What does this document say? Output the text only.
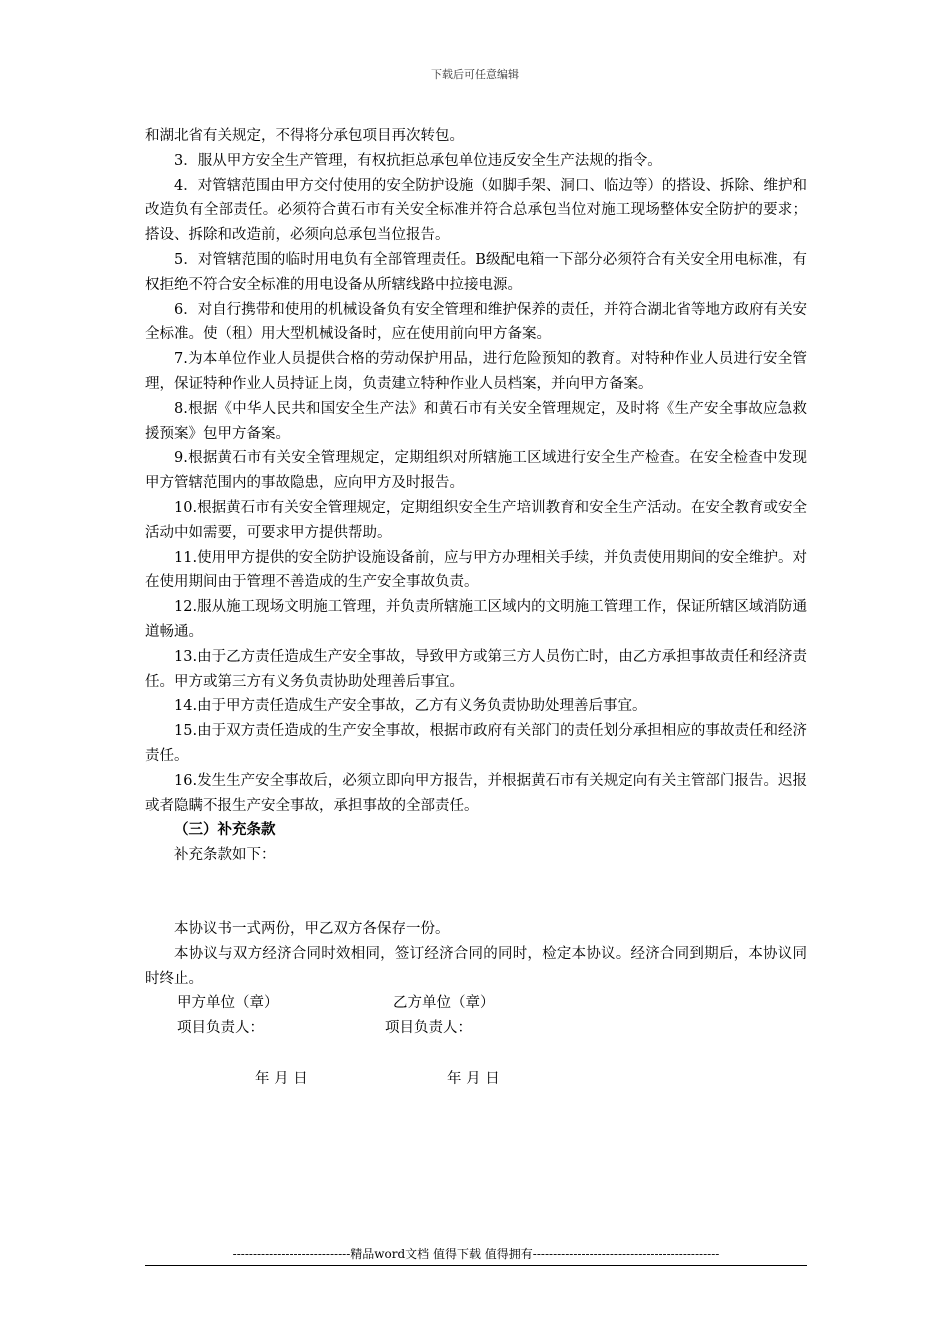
下载后可任意编辑

和湖北省有关规定，不得将分承包项目再次转包。

3．服从甲方安全生产管理，有权抗拒总承包单位违反安全生产法规的指令。

4．对管辖范围由甲方交付使用的安全防护设施（如脚手架、洞口、临边等）的搭设、拆除、维护和改造负有全部责任。必须符合黄石市有关安全标准并符合总承包当位对施工现场整体安全防护的要求；搭设、拆除和改造前，必须向总承包当位报告。

5．对管辖范围的临时用电负有全部管理责任。B级配电箱一下部分必须符合有关安全用电标准，有权拒绝不符合安全标准的用电设备从所辖线路中拉接电源。

6．对自行携带和使用的机械设备负有安全管理和维护保养的责任，并符合湖北省等地方政府有关安全标准。使（租）用大型机械设备时，应在使用前向甲方备案。

7.为本单位作业人员提供合格的劳动保护用品，进行危险预知的教育。对特种作业人员进行安全管理，保证特种作业人员持证上岗，负责建立特种作业人员档案，并向甲方备案。

8.根据《中华人民共和国安全生产法》和黄石市有关安全管理规定，及时将《生产安全事故应急救援预案》包甲方备案。

9.根据黄石市有关安全管理规定，定期组织对所辖施工区域进行安全生产检查。在安全检查中发现甲方管辖范围内的事故隐患，应向甲方及时报告。

10.根据黄石市有关安全管理规定，定期组织安全生产培训教育和安全生产活动。在安全教育或安全活动中如需要，可要求甲方提供帮助。

11.使用甲方提供的安全防护设施设备前，应与甲方办理相关手续，并负责使用期间的安全维护。对在使用期间由于管理不善造成的生产安全事故负责。

12.服从施工现场文明施工管理，并负责所辖施工区域内的文明施工管理工作，保证所辖区域消防通道畅通。

13.由于乙方责任造成生产安全事故，导致甲方或第三方人员伤亡时，由乙方承担事故责任和经济责任。甲方或第三方有义务负责协助处理善后事宜。

14.由于甲方责任造成生产安全事故，乙方有义务负责协助处理善后事宜。

15.由于双方责任造成的生产安全事故，根据市政府有关部门的责任划分承担相应的事故责任和经济责任。

16.发生生产安全事故后，必须立即向甲方报告，并根据黄石市有关规定向有关主管部门报告。迟报或者隐瞒不报生产安全事故，承担事故的全部责任。

（三）补充条款

补充条款如下：

本协议书一式两份，甲乙双方各保存一份。

本协议与双方经济合同时效相同，签订经济合同的同时，检定本协议。经济合同到期后，本协议同时终止。

甲方单位（章）	乙方单位（章）
项目负责人：	项目负责人：
年 月 日	年 月 日
-----------------------------精品word文档 值得下载 值得拥有----------------------------------------------
